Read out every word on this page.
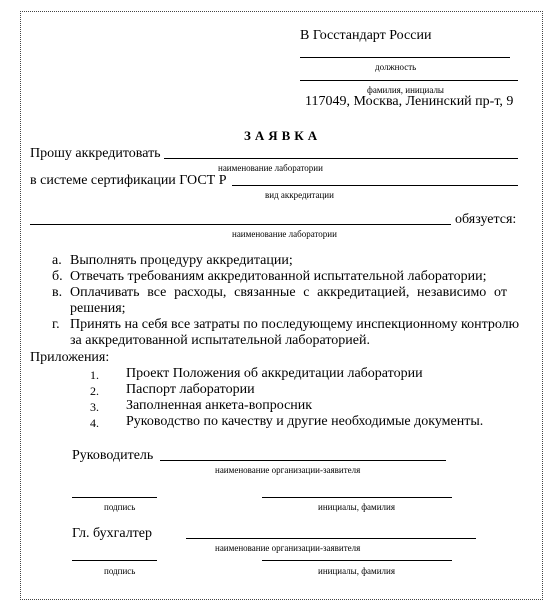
В Госстандарт России
должность
фамилия, инициалы
117049, Москва, Ленинский пр-т, 9
ЗАЯВКА
Прошу аккредитовать
наименование лаборатории
в системе сертификации ГОСТ Р
вид аккредитации
обязуется:
наименование лаборатории
а. Выполнять процедуру аккредитации;
б. Отвечать требованиям аккредитованной испытательной лаборатории;
в. Оплачивать все расходы, связанные с аккредитацией, независимо от
решения;
г. Принять на себя все затраты по последующему инспекционному контролю
за аккредитованной испытательной лабораторией.
Приложения:
1. Проект Положения об аккредитации лаборатории
2. Паспорт лаборатории
3. Заполненная анкета-вопросник
4. Руководство по качеству и другие необходимые документы.
Руководитель
наименование организации-заявителя
подпись	инициалы, фамилия
Гл. бухгалтер
наименование организации-заявителя
подпись	инициалы, фамилия
